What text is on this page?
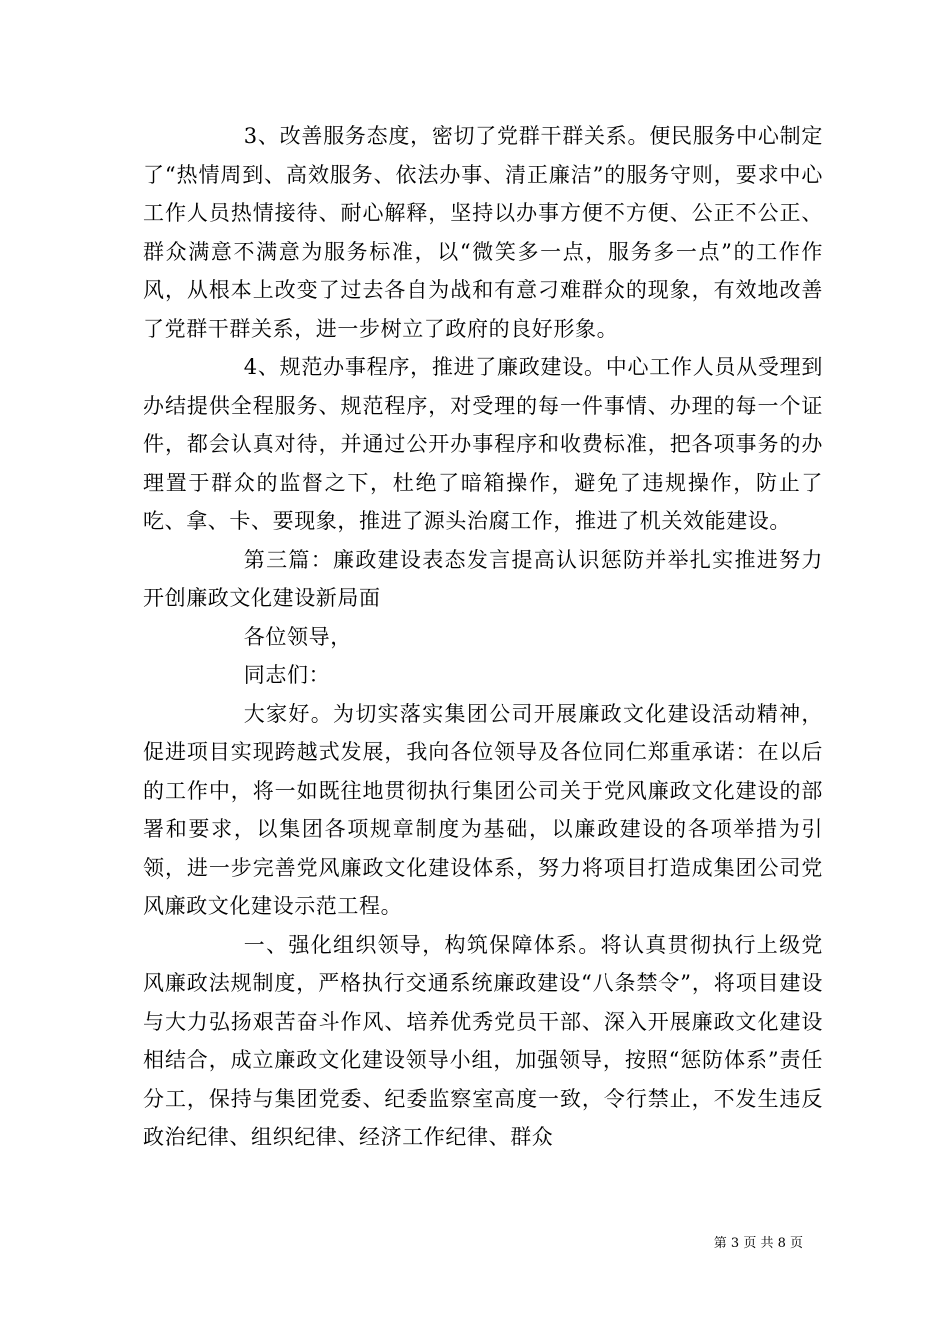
3、改善服务态度，密切了党群干群关系。便民服务中心制定了“热情周到、高效服务、依法办事、清正廉洁”的服务守则，要求中心工作人员热情接待、耐心解释，坚持以办事方便不方便、公正不公正、群众满意不满意为服务标准，以“微笑多一点，服务多一点”的工作作风，从根本上改变了过去各自为战和有意刁难群众的现象，有效地改善了党群干群关系，进一步树立了政府的良好形象。

4、规范办事程序，推进了廉政建设。中心工作人员从受理到办结提供全程服务、规范程序，对受理的每一件事情、办理的每一个证件，都会认真对待，并通过公开办事程序和收费标准，把各项事务的办理置于群众的监督之下，杜绝了暗箱操作，避免了违规操作，防止了吃、拿、卡、要现象，推进了源头治腐工作，推进了机关效能建设。

第三篇：廉政建设表态发言提高认识惩防并举扎实推进努力开创廉政文化建设新局面

各位领导，

同志们：

大家好。为切实落实集团公司开展廉政文化建设活动精神，促进项目实现跨越式发展，我向各位领导及各位同仁郑重承诺：在以后的工作中，将一如既往地贯彻执行集团公司关于党风廉政文化建设的部署和要求，以集团各项规章制度为基础，以廉政建设的各项举措为引领，进一步完善党风廉政文化建设体系，努力将项目打造成集团公司党风廉政文化建设示范工程。

一、强化组织领导，构筑保障体系。将认真贯彻执行上级党风廉政法规制度，严格执行交通系统廉政建设“八条禁令”，将项目建设与大力弘扬艰苦奋斗作风、培养优秀党员干部、深入开展廉政文化建设相结合，成立廉政文化建设领导小组，加强领导，按照“惩防体系”责任分工，保持与集团党委、纪委监察室高度一致，令行禁止，不发生违反政治纪律、组织纪律、经济工作纪律、群众

第 3 页 共 8 页
